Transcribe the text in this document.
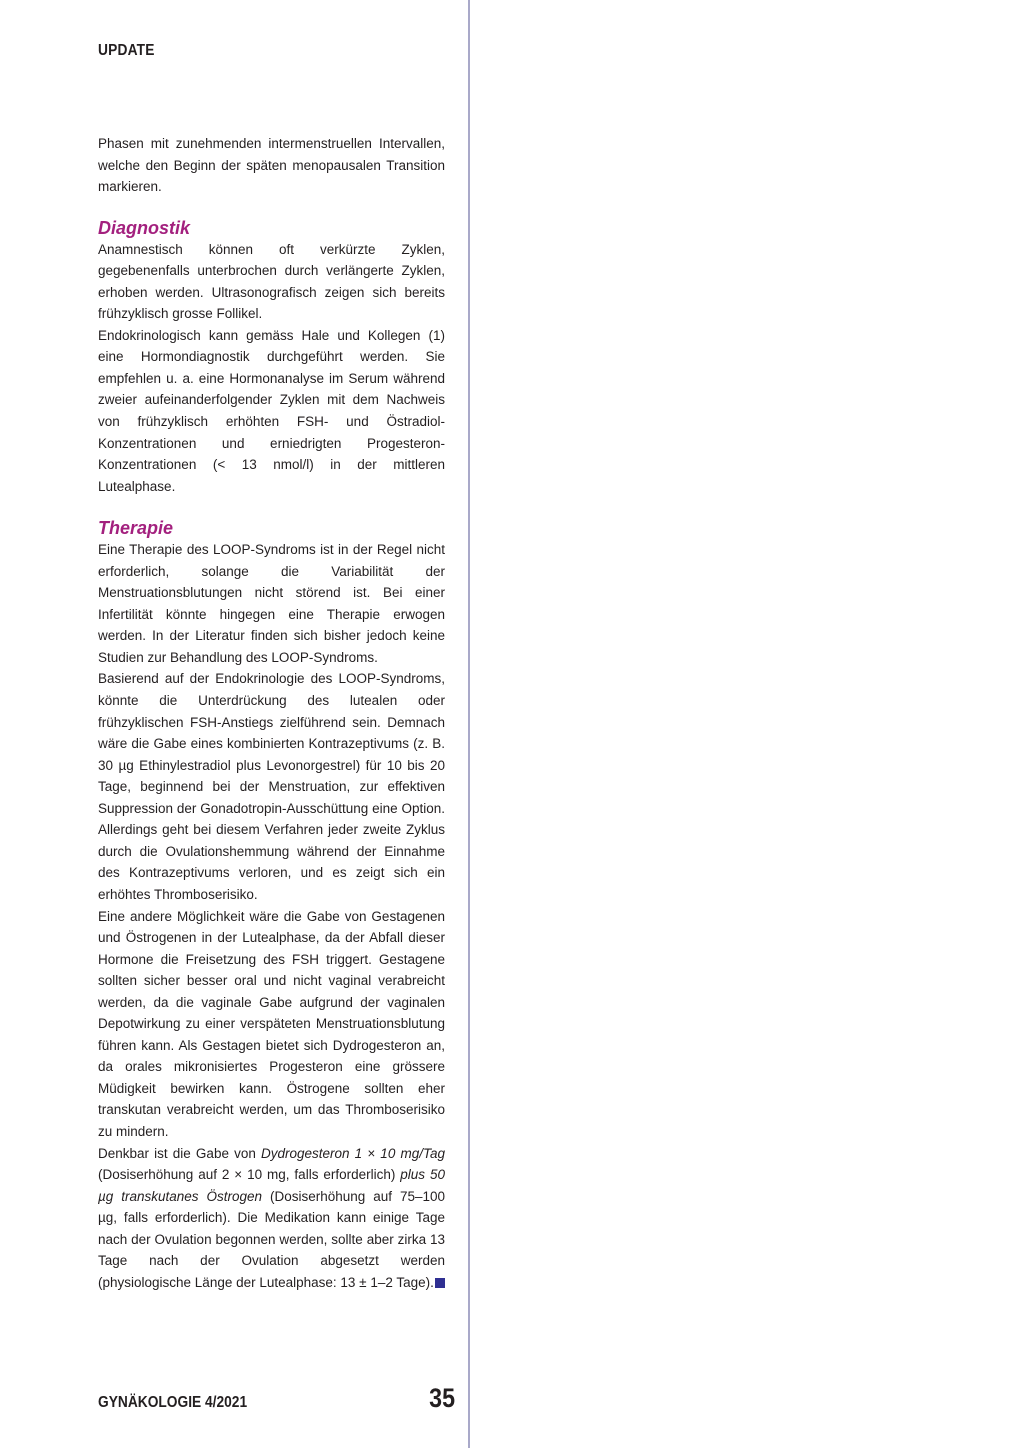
UPDATE

Phasen mit zunehmenden intermenstruellen Intervallen, welche den Beginn der späten menopausalen Transition markieren.

Diagnostik

Anamnestisch können oft verkürzte Zyklen, gegebenenfalls unterbrochen durch verlängerte Zyklen, erhoben werden. Ultrasonografisch zeigen sich bereits frühzyklisch grosse Follikel.

Endokrinologisch kann gemäss Hale und Kollegen (1) eine Hormondiagnostik durchgeführt werden. Sie empfehlen u. a. eine Hormonanalyse im Serum während zweier aufeinanderfolgender Zyklen mit dem Nachweis von frühzyklisch erhöhten FSH- und Östradiol-Konzentrationen und erniedrigten Progesteron-Konzentrationen (< 13 nmol/l) in der mittleren Lutealphase.

Therapie

Eine Therapie des LOOP-Syndroms ist in der Regel nicht erforderlich, solange die Variabilität der Menstruationsblutungen nicht störend ist. Bei einer Infertilität könnte hingegen eine Therapie erwogen werden. In der Literatur finden sich bisher jedoch keine Studien zur Behandlung des LOOP-Syndroms.

Basierend auf der Endokrinologie des LOOP-Syndroms, könnte die Unterdrückung des lutealen oder frühzyklischen FSH-Anstiegs zielführend sein. Demnach wäre die Gabe eines kombinierten Kontrazeptivums (z. B. 30 µg Ethinylestradiol plus Levonorgestrel) für 10 bis 20 Tage, beginnend bei der Menstruation, zur effektiven Suppression der Gonadotropin-Ausschüttung eine Option. Allerdings geht bei diesem Verfahren jeder zweite Zyklus durch die Ovulationshemmung während der Einnahme des Kontrazeptivums verloren, und es zeigt sich ein erhöhtes Thromboserisiko.

Eine andere Möglichkeit wäre die Gabe von Gestagenen und Östrogenen in der Lutealphase, da der Abfall dieser Hormone die Freisetzung des FSH triggert. Gestagene sollten sicher besser oral und nicht vaginal verabreicht werden, da die vaginale Gabe aufgrund der vaginalen Depotwirkung zu einer verspäteten Menstruationsblutung führen kann. Als Gestagen bietet sich Dydrogesteron an, da orales mikronisiertes Progesteron eine grössere Müdigkeit bewirken kann. Östrogene sollten eher transkutan verabreicht werden, um das Thromboserisiko zu mindern.

Denkbar ist die Gabe von Dydrogesteron 1 × 10 mg/Tag (Dosiserhöhung auf 2 × 10 mg, falls erforderlich) plus 50 µg transkutanes Östrogen (Dosiserhöhung auf 75–100 µg, falls erforderlich). Die Medikation kann einige Tage nach der Ovulation begonnen werden, sollte aber zirka 13 Tage nach der Ovulation abgesetzt werden (physiologische Länge der Lutealphase: 13 ± 1–2 Tage).

GYNÄKOLOGIE 4/2021	35
